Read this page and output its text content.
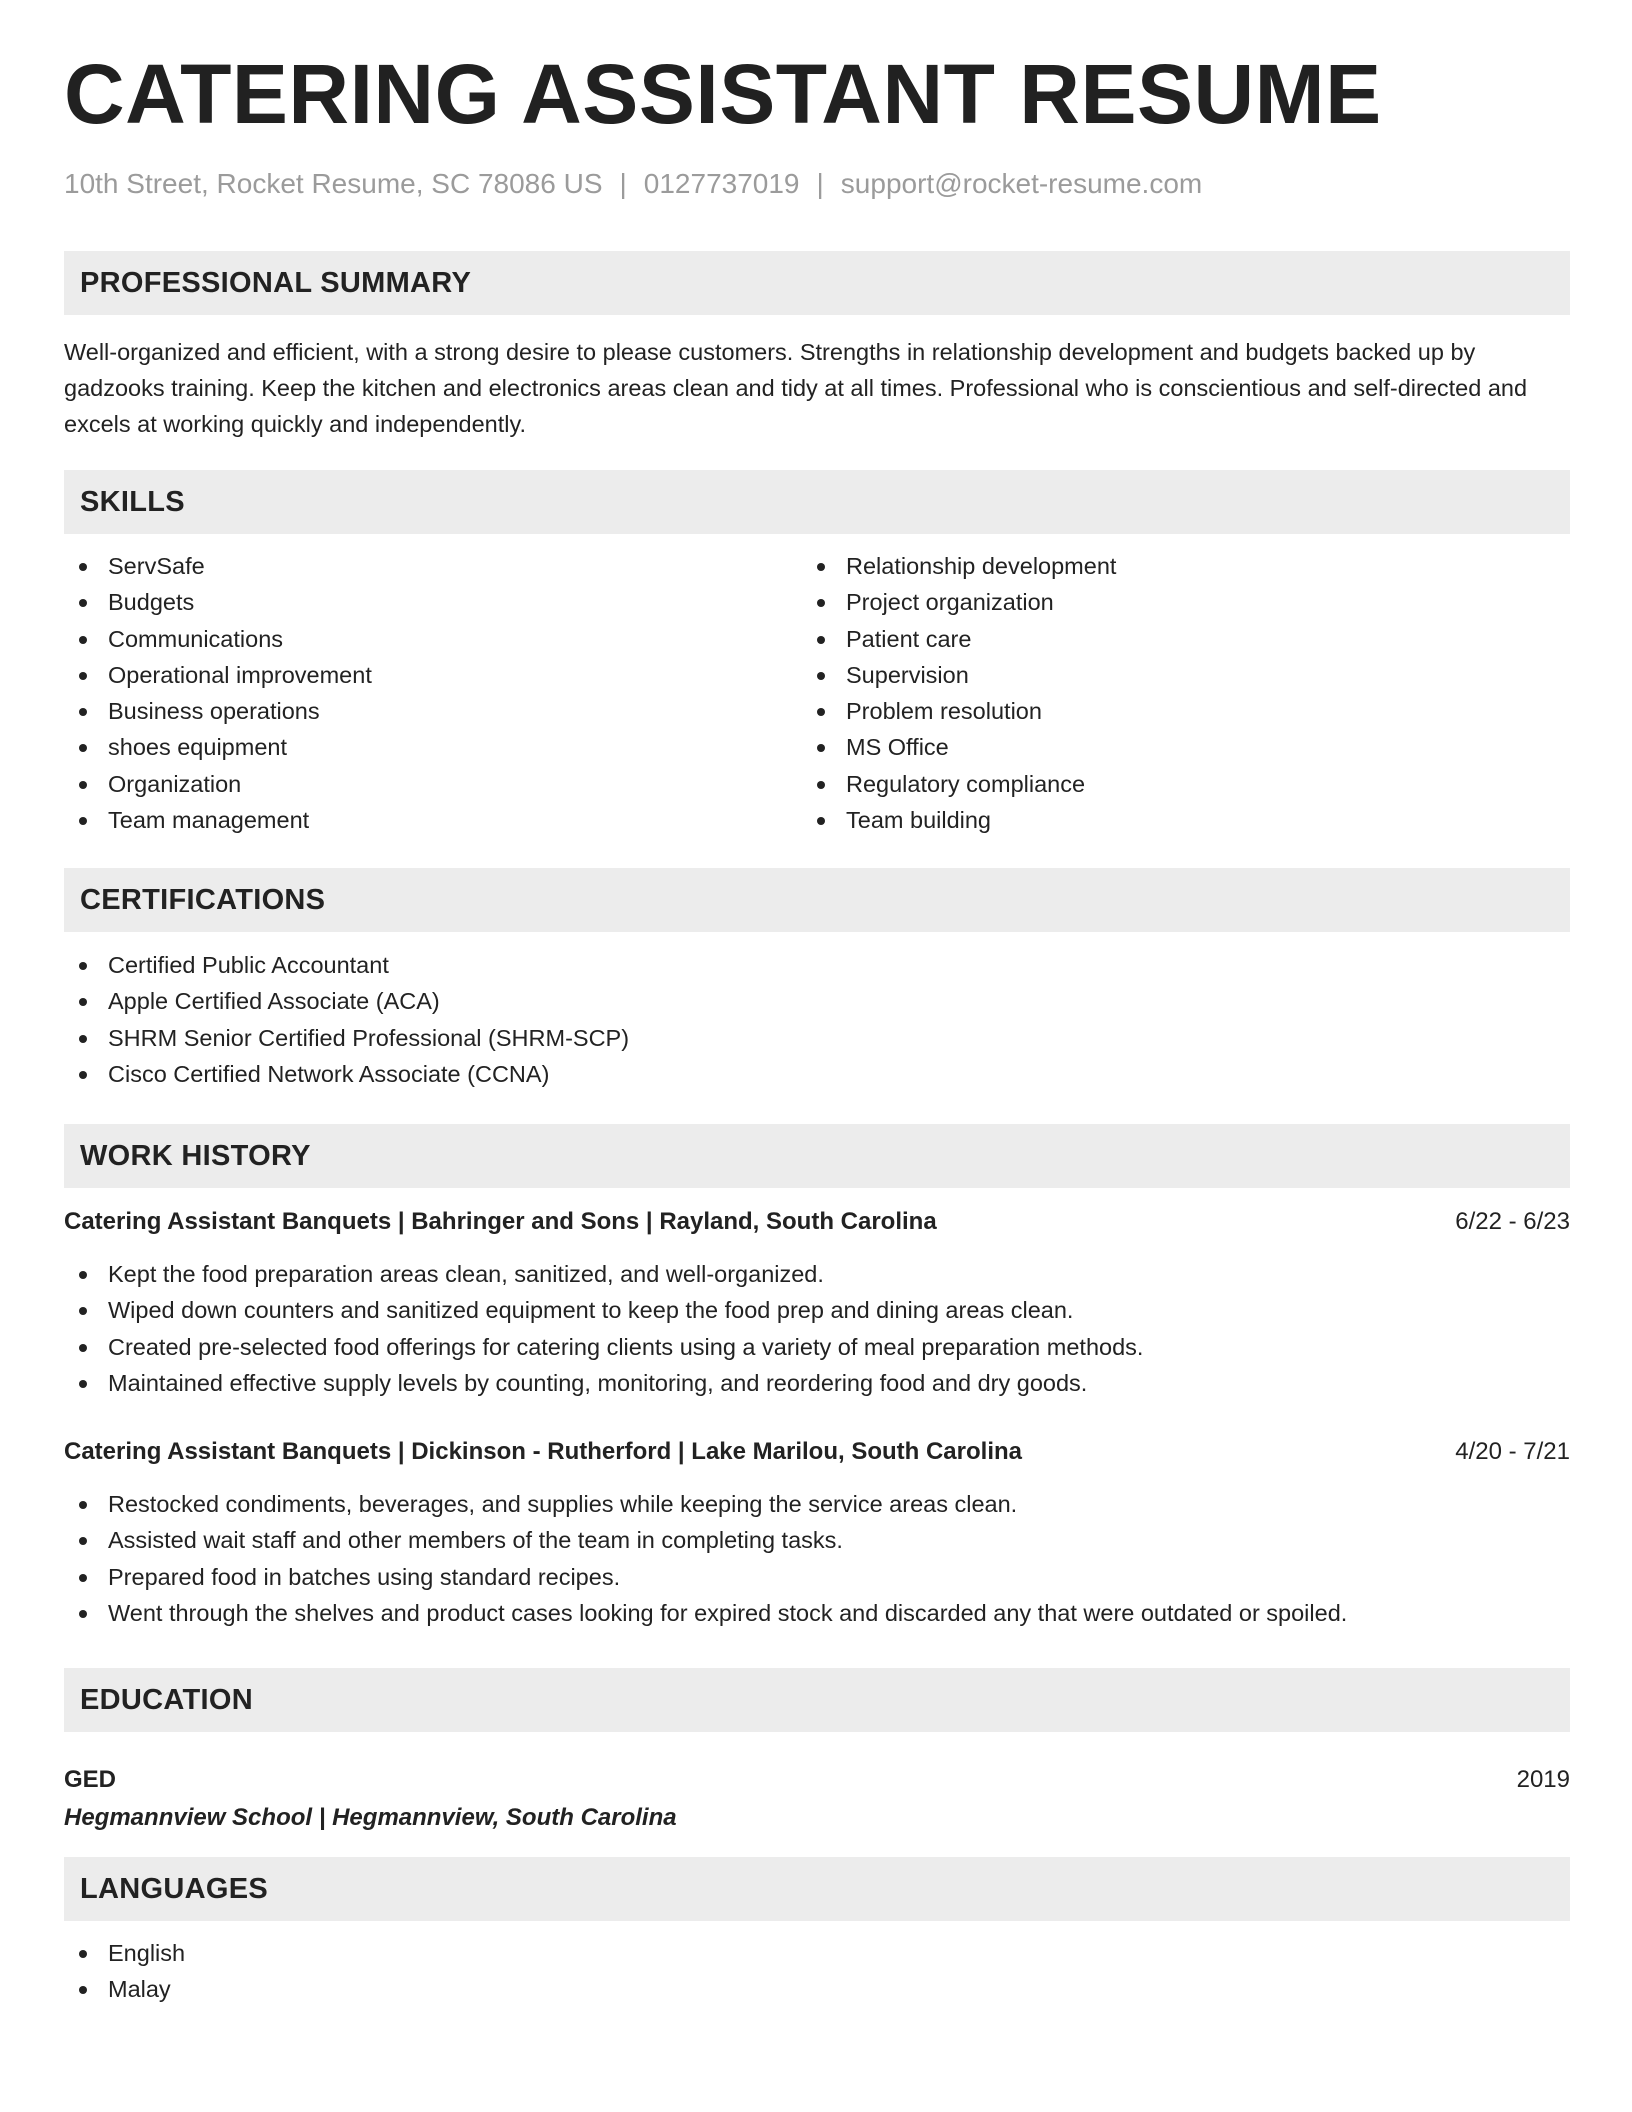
CATERING ASSISTANT RESUME
10th Street, Rocket Resume, SC 78086 US | 0127737019 | support@rocket-resume.com
PROFESSIONAL SUMMARY
Well-organized and efficient, with a strong desire to please customers. Strengths in relationship development and budgets backed up by gadzooks training. Keep the kitchen and electronics areas clean and tidy at all times. Professional who is conscientious and self-directed and excels at working quickly and independently.
SKILLS
ServSafe
Budgets
Communications
Operational improvement
Business operations
shoes equipment
Organization
Team management
Relationship development
Project organization
Patient care
Supervision
Problem resolution
MS Office
Regulatory compliance
Team building
CERTIFICATIONS
Certified Public Accountant
Apple Certified Associate (ACA)
SHRM Senior Certified Professional (SHRM-SCP)
Cisco Certified Network Associate (CCNA)
WORK HISTORY
Catering Assistant Banquets | Bahringer and Sons | Rayland, South Carolina	6/22 - 6/23
Kept the food preparation areas clean, sanitized, and well-organized.
Wiped down counters and sanitized equipment to keep the food prep and dining areas clean.
Created pre-selected food offerings for catering clients using a variety of meal preparation methods.
Maintained effective supply levels by counting, monitoring, and reordering food and dry goods.
Catering Assistant Banquets | Dickinson - Rutherford | Lake Marilou, South Carolina	4/20 - 7/21
Restocked condiments, beverages, and supplies while keeping the service areas clean.
Assisted wait staff and other members of the team in completing tasks.
Prepared food in batches using standard recipes.
Went through the shelves and product cases looking for expired stock and discarded any that were outdated or spoiled.
EDUCATION
GED	2019
Hegmannview School | Hegmannview, South Carolina
LANGUAGES
English
Malay
